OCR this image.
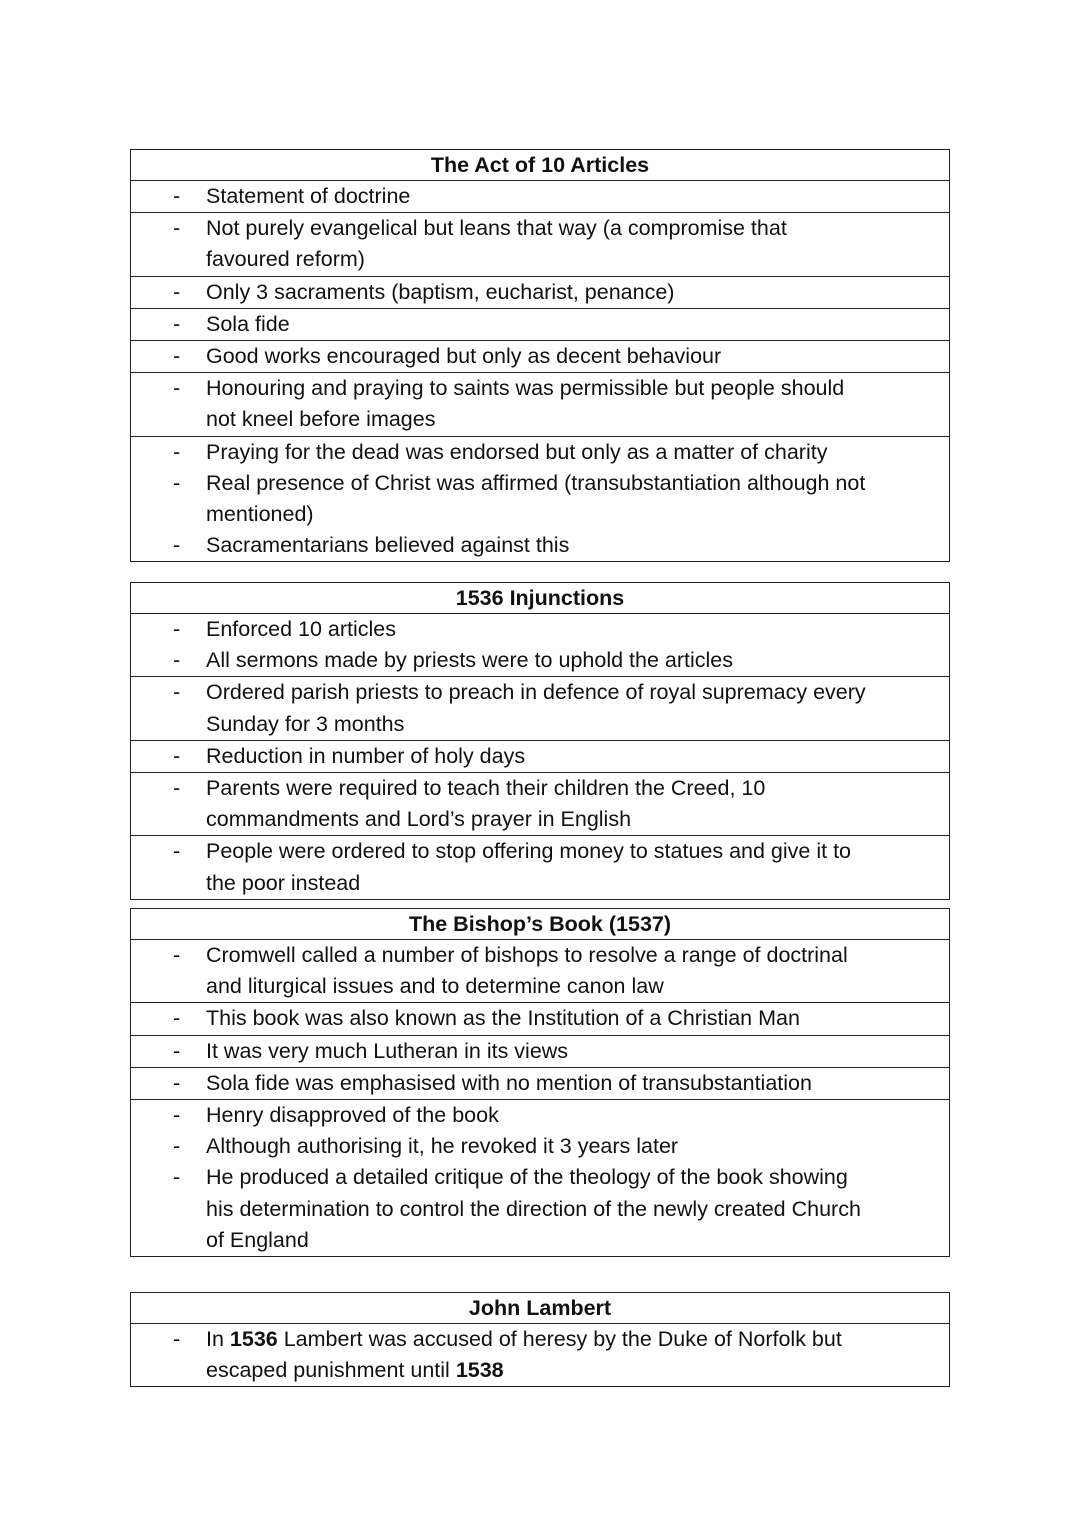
The Act of 10 Articles
- Statement of doctrine
- Not purely evangelical but leans that way (a compromise that
favoured reform)
- Only 3 sacraments (baptism, eucharist, penance)
- Sola fide
- Good works encouraged but only as decent behaviour
- Honouring and praying to saints was permissible but people should
not kneel before images
- Praying for the dead was endorsed but only as a matter of charity
- Real presence of Christ was affirmed (transubstantiation although not
mentioned)
- Sacramentarians believed against this
1536 Injunctions
- Enforced 10 articles
- All sermons made by priests were to uphold the articles
- Ordered parish priests to preach in defence of royal supremacy every
Sunday for 3 months
- Reduction in number of holy days
- Parents were required to teach their children the Creed, 10
commandments and Lord’s prayer in English
- People were ordered to stop offering money to statues and give it to
the poor instead
The Bishop’s Book (1537)
- Cromwell called a number of bishops to resolve a range of doctrinal
and liturgical issues and to determine canon law
- This book was also known as the Institution of a Christian Man
- It was very much Lutheran in its views
- Sola fide was emphasised with no mention of transubstantiation
- Henry disapproved of the book
- Although authorising it, he revoked it 3 years later
- He produced a detailed critique of the theology of the book showing
his determination to control the direction of the newly created Church
of England
John Lambert
- In 1536 Lambert was accused of heresy by the Duke of Norfolk but
escaped punishment until 1538
